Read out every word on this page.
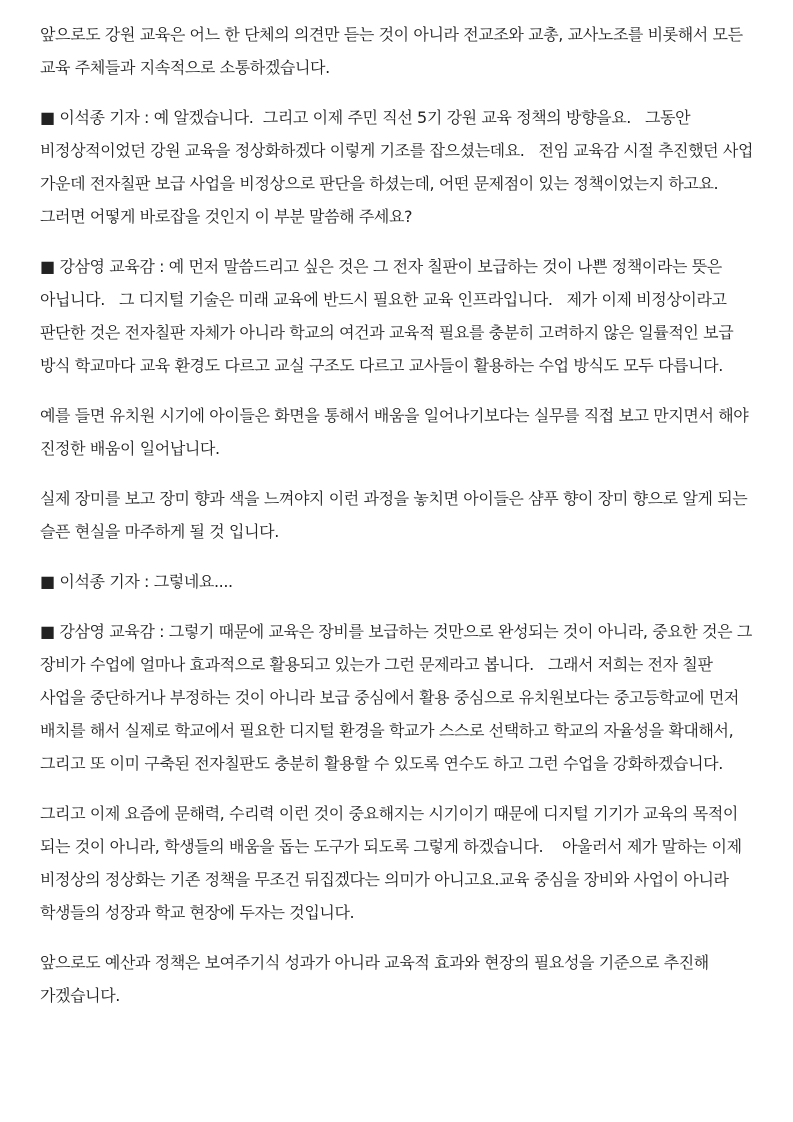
앞으로도 강원 교육은 어느 한 단체의 의견만 듣는 것이 아니라 전교조와 교총, 교사노조를 비롯해서 모든 교육 주체들과 지속적으로 소통하겠습니다.

■ 이석종 기자 : 예 알겠습니다.  그리고 이제 주민 직선 5기 강원 교육 정책의 방향을요.   그동안 비정상적이었던 강원 교육을 정상화하겠다 이렇게 기조를 잡으셨는데요.   전임 교육감 시절 추진했던 사업 가운데 전자칠판 보급 사업을 비정상으로 판단을 하셨는데, 어떤 문제점이 있는 정책이었는지 하고요.  그러면 어떻게 바로잡을 것인지 이 부분 말씀해 주세요?

■ 강삼영 교육감 : 예 먼저 말씀드리고 싶은 것은 그 전자 칠판이 보급하는 것이 나쁜 정책이라는 뜻은 아닙니다.   그 디지털 기술은 미래 교육에 반드시 필요한 교육 인프라입니다.   제가 이제 비정상이라고 판단한 것은 전자칠판 자체가 아니라 학교의 여건과 교육적 필요를 충분히 고려하지 않은 일률적인 보급 방식 학교마다 교육 환경도 다르고 교실 구조도 다르고 교사들이 활용하는 수업 방식도 모두 다릅니다.

예를 들면 유치원 시기에 아이들은 화면을 통해서 배움을 일어나기보다는 실무를 직접 보고 만지면서 해야 진정한 배움이 일어납니다.

실제 장미를 보고 장미 향과 색을 느껴야지 이런 과정을 놓치면 아이들은 샴푸 향이 장미 향으로 알게 되는 슬픈 현실을 마주하게 될 것 입니다.

■ 이석종 기자 : 그렇네요....

■ 강삼영 교육감 : 그렇기 때문에 교육은 장비를 보급하는 것만으로 완성되는 것이 아니라, 중요한 것은 그 장비가 수업에 얼마나 효과적으로 활용되고 있는가 그런 문제라고 봅니다.   그래서 저희는 전자 칠판 사업을 중단하거나 부정하는 것이 아니라 보급 중심에서 활용 중심으로 유치원보다는 중고등학교에 먼저 배치를 해서 실제로 학교에서 필요한 디지털 환경을 학교가 스스로 선택하고 학교의 자율성을 확대해서, 그리고 또 이미 구축된 전자칠판도 충분히 활용할 수 있도록 연수도 하고 그런 수업을 강화하겠습니다.

그리고 이제 요즘에 문해력, 수리력 이런 것이 중요해지는 시기이기 때문에 디지털 기기가 교육의 목적이 되는 것이 아니라, 학생들의 배움을 돕는 도구가 되도록 그렇게 하겠습니다.    아울러서 제가 말하는 이제 비정상의 정상화는 기존 정책을 무조건 뒤집겠다는 의미가 아니고요.교육 중심을 장비와 사업이 아니라 학생들의 성장과 학교 현장에 두자는 것입니다.

앞으로도 예산과 정책은 보여주기식 성과가 아니라 교육적 효과와 현장의 필요성을 기준으로 추진해 가겠습니다.
